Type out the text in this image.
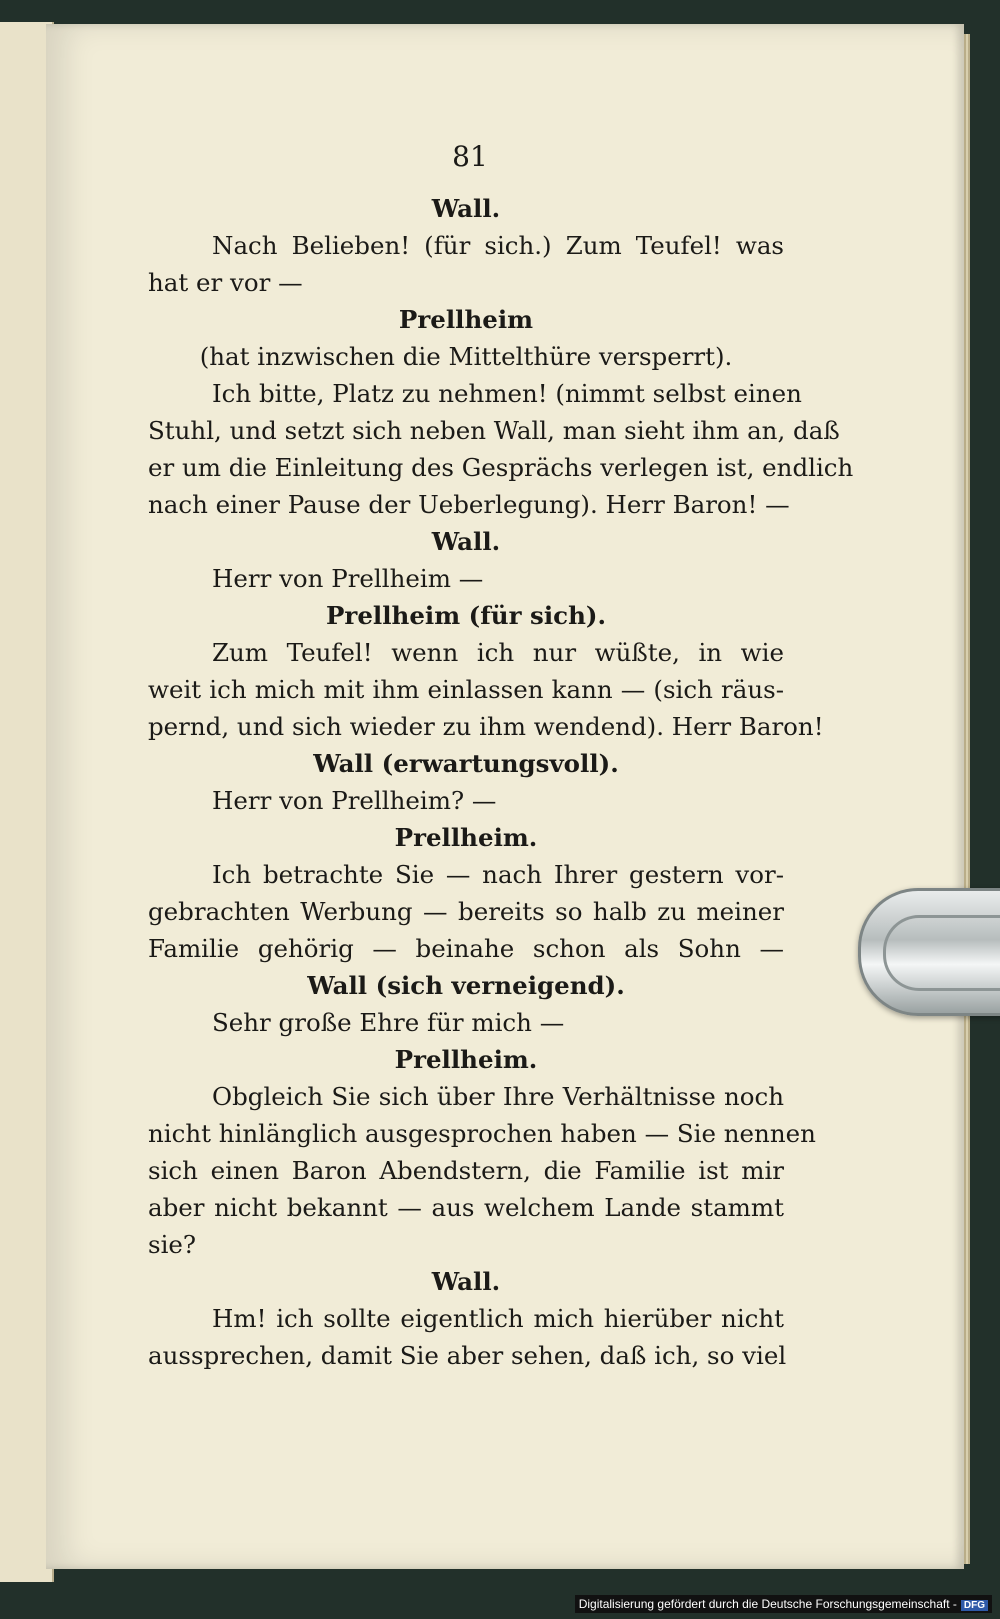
81
Wall.
Nach Belieben! (für sich.) Zum Teufel! was
hat er vor —
Prellheim
(hat inzwischen die Mittelthüre versperrt).
Ich bitte, Platz zu nehmen! (nimmt selbst einen
Stuhl, und setzt sich neben Wall, man sieht ihm an, daß
er um die Einleitung des Gesprächs verlegen ist, endlich
nach einer Pause der Ueberlegung). Herr Baron! —
Wall.
Herr von Prellheim —
Prellheim (für sich).
Zum Teufel! wenn ich nur wüßte, in wie
weit ich mich mit ihm einlassen kann — (sich räus-
pernd, und sich wieder zu ihm wendend). Herr Baron!
Wall (erwartungsvoll).
Herr von Prellheim? —
Prellheim.
Ich betrachte Sie — nach Ihrer gestern vor-
gebrachten Werbung — bereits so halb zu meiner
Familie gehörig — beinahe schon als Sohn —
Wall (sich verneigend).
Sehr große Ehre für mich —
Prellheim.
Obgleich Sie sich über Ihre Verhältnisse noch
nicht hinlänglich ausgesprochen haben — Sie nennen
sich einen Baron Abendstern, die Familie ist mir
aber nicht bekannt — aus welchem Lande stammt
sie?
Wall.
Hm! ich sollte eigentlich mich hierüber nicht
aussprechen, damit Sie aber sehen, daß ich, so viel
Digitalisierung gefördert durch die Deutsche Forschungsgemeinschaft - DFG
